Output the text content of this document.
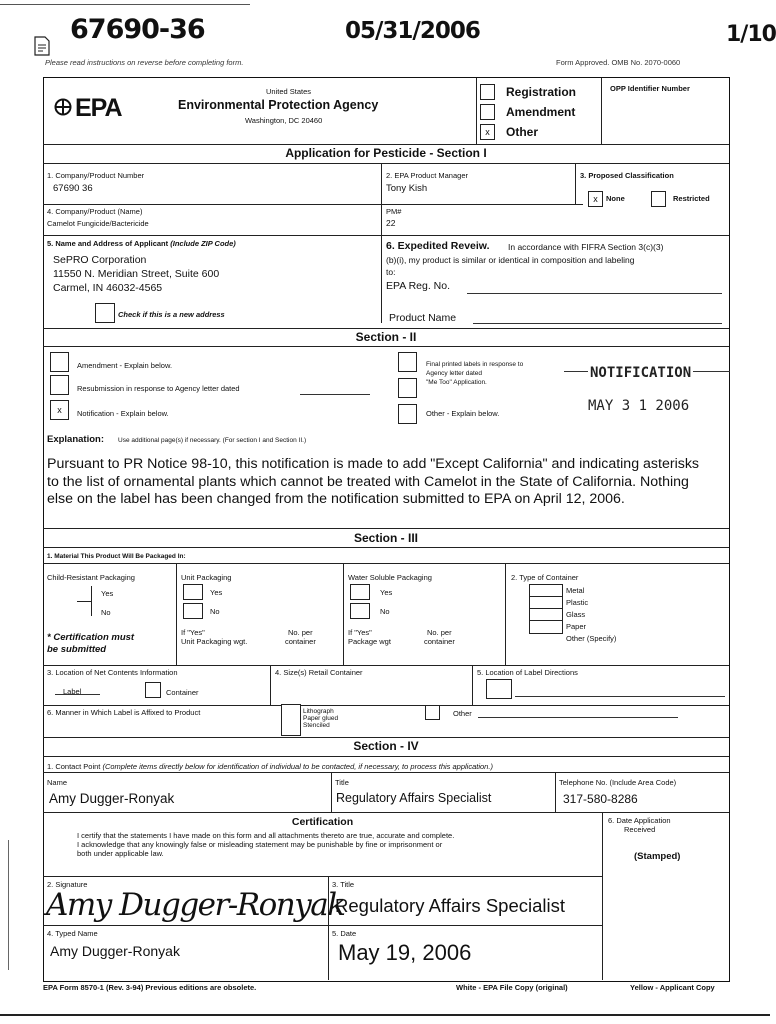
67690-36	05/31/2006	1/10
Please read instructions on reverse before completing form.	Form Approved. OMB No. 2070-0060
EPA
United States
Environmental Protection Agency
Washington, DC 20460
Registration
Amendment
x	Other
OPP Identifier Number
Application for Pesticide - Section I
1. Company/Product Number
67690 36
2. EPA Product Manager
Tony Kish
3. Proposed Classification
x	None	Restricted
4. Company/Product (Name)
Camelot Fungicide/Bactericide
PM#
22
5. Name and Address of Applicant (Include ZIP Code)
SePRO Corporation
11550 N. Meridian Street, Suite 600
Carmel, IN 46032-4565
Check if this is a new address
6. Expedited Reveiw. In accordance with FIFRA Section 3(c)(3)
(b)(i), my product is similar or identical in composition and labeling
to:
EPA Reg. No.
Product Name
Section - II
Amendment - Explain below.
Resubmission in response to Agency letter dated
x	Notification - Explain below.
Final printed labels in response to
Agency letter dated
"Me Too" Application.
Other - Explain below.
NOTIFICATION
MAY 3 1 2006
Explanation: Use additional page(s) if necessary. (For section I and Section II.)
Pursuant to PR Notice 98-10, this notification is made to add "Except California" and indicating asterisks
to the list of ornamental plants which cannot be treated with Camelot in the State of California. Nothing
else on the label has been changed from the notification submitted to EPA on April 12, 2006.
Section - III
1. Material This Product Will Be Packaged In:
Child-Resistant Packaging
Yes
No
* Certification must
be submitted
Unit Packaging
Yes
No
If "Yes"
Unit Packaging wgt.
No. per
container
Water Soluble Packaging
Yes
No
If "Yes"
Package wgt
No. per
container
2. Type of Container
Metal
Plastic
Glass
Paper
Other (Specify)
3. Location of Net Contents Information
Label	Container
4. Size(s) Retail Container	5. Location of Label Directions
6. Manner in Which Label is Affixed to Product	Lithograph
Paper glued
Stenciled
Other
Section - IV
1. Contact Point (Complete items directly below for identification of individual to be contacted, if necessary, to process this application.)
Name
Amy Dugger-Ronyak
Title
Regulatory Affairs Specialist
Telephone No. (Include Area Code)
317-580-8286
Certification
I certify that the statements I have made on this form and all attachments thereto are true, accurate and complete.
I acknowledge that any knowingly false or misleading statement may be punishable by fine or imprisonment or
both under applicable law.
6. Date Application
Received
(Stamped)
2. Signature
Amy Dugger-Ronyak
3. Title
Regulatory Affairs Specialist
4. Typed Name
Amy Dugger-Ronyak
5. Date
May 19, 2006
EPA Form 8570-1 (Rev. 3-94) Previous editions are obsolete.	White - EPA File Copy (original)	Yellow - Applicant Copy
